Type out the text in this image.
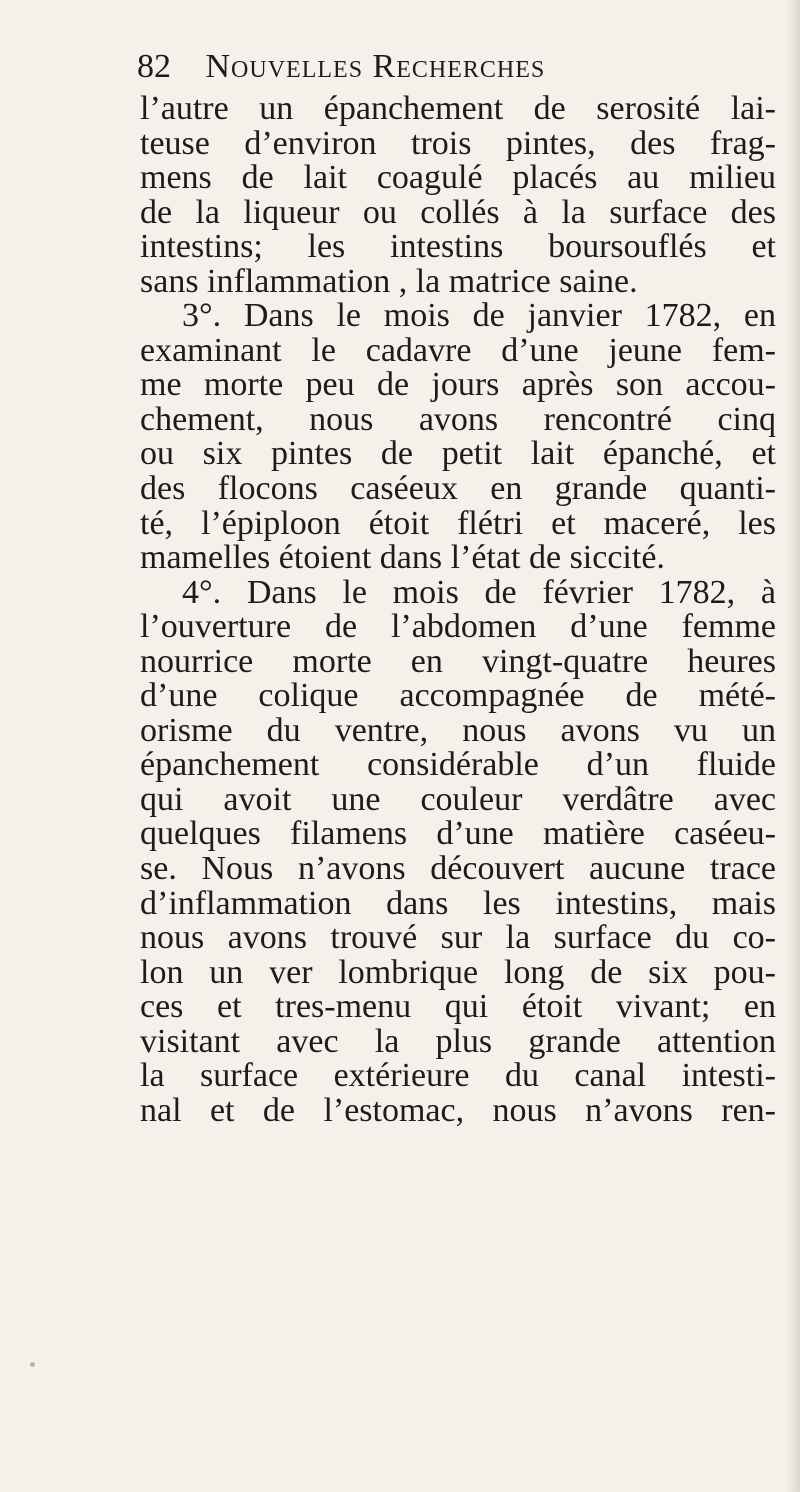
82 Nouvelles Recherches
l’autre un épanchement de serosité lai-
teuse d’environ trois pintes, des frag-
mens de lait coagulé placés au milieu
de la liqueur ou collés à la surface des
intestins; les intestins boursouflés et
sans inflammation , la matrice saine.
3°. Dans le mois de janvier 1782, en
examinant le cadavre d’une jeune fem-
me morte peu de jours après son accou-
chement, nous avons rencontré cinq
ou six pintes de petit lait épanché, et
des flocons caséeux en grande quanti-
té, l’épiploon étoit flétri et maceré, les
mamelles étoient dans l’état de siccité.
4°. Dans le mois de février 1782, à
l’ouverture de l’abdomen d’une femme
nourrice morte en vingt-quatre heures
d’une colique accompagnée de mété-
orisme du ventre, nous avons vu un
épanchement considérable d’un fluide
qui avoit une couleur verdâtre avec
quelques filamens d’une matière caséeu-
se. Nous n’avons découvert aucune trace
d’inflammation dans les intestins, mais
nous avons trouvé sur la surface du co-
lon un ver lombrique long de six pou-
ces et tres-menu qui étoit vivant; en
visitant avec la plus grande attention
la surface extérieure du canal intesti-
nal et de l’estomac, nous n’avons ren-
